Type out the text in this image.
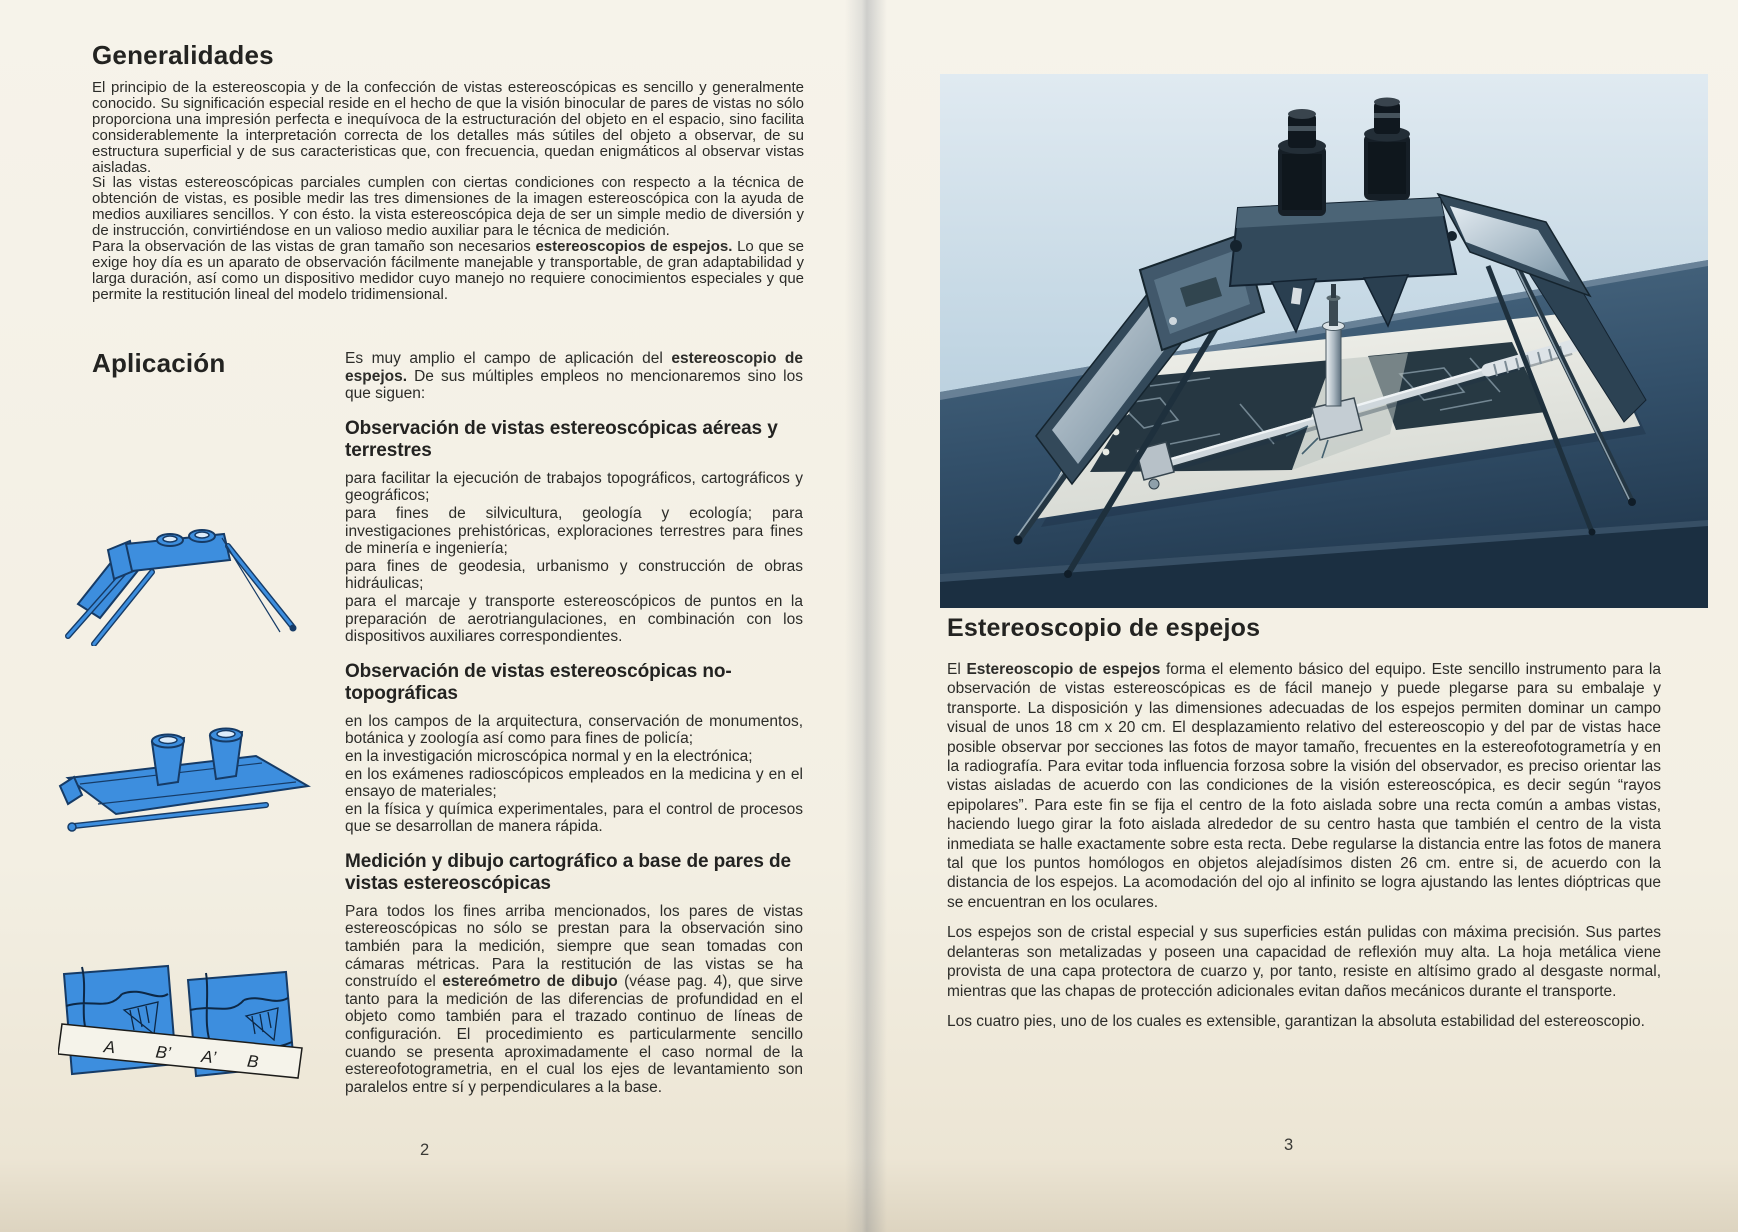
Generalidades

El principio de la estereoscopia y de la confección de vistas estereoscópicas es sencillo y generalmente conocido. Su significación especial reside en el hecho de que la visión binocular de pares de vistas no sólo proporciona una impresión perfecta e inequívoca de la estructuración del objeto en el espacio, sino facilita considerablemente la interpretación correcta de los detalles más sútiles del objeto a observar, de su estructura superficial y de sus caracteristicas que, con frecuencia, quedan enigmáticos al observar vistas aisladas.

Si las vistas estereoscópicas parciales cumplen con ciertas condiciones con respecto a la técnica de obtención de vistas, es posible medir las tres dimensiones de la imagen estereoscópica con la ayuda de medios auxiliares sencillos. Y con ésto. la vista estereoscópica deja de ser un simple medio de diversión y de instrucción, convirtiéndose en un valioso medio auxiliar para le técnica de medición.

Para la observación de las vistas de gran tamaño son necesarios estereoscopios de espejos. Lo que se exige hoy día es un aparato de observación fácilmente manejable y transportable, de gran adaptabilidad y larga duración, así como un dispositivo medidor cuyo manejo no requiere conocimientos especiales y que permite la restitución lineal del modelo tridimensional.

Aplicación	Es muy amplio el campo de aplicación del estereoscopio de espejos. De sus múltiples empleos no mencionaremos sino los que siguen:

Observación de vistas estereoscópicas aéreas y terrestres

para facilitar la ejecución de trabajos topográficos, cartográficos y geográficos;

para fines de silvicultura, geología y ecología; para investigaciones prehistóricas, exploraciones terrestres para fines de minería e ingeniería;

para fines de geodesia, urbanismo y construcción de obras hidráulicas;

para el marcaje y transporte estereoscópicos de puntos en la preparación de aerotriangulaciones, en combinación con los dispositivos auxiliares correspondientes.

Observación de vistas estereoscópicas no-topográficas

en los campos de la arquitectura, conservación de monumentos, botánica y zoología así como para fines de policía;

en la investigación microscópica normal y en la electrónica;

en los exámenes radioscópicos empleados en la medicina y en el ensayo de materiales;

en la física y química experimentales, para el control de procesos que se desarrollan de manera rápida.

Medición y dibujo cartográfico a base de pares de vistas estereoscópicas

Para todos los fines arriba mencionados, los pares de vistas estereoscópicas no sólo se prestan para la observación sino también para la medición, siempre que sean tomadas con cámaras métricas. Para la restitución de las vistas se ha construído el estereómetro de dibujo (véase pag. 4), que sirve tanto para la medición de las diferencias de profundidad en el objeto como también para el trazado continuo de líneas de configuración. El procedimiento es particularmente sencillo cuando se presenta aproximadamente el caso normal de la estereofotogrametria, en el cual los ejes de levantamiento son paralelos entre sí y perpendiculares a la base.

A B’ A’ B
2
Estereoscopio de espejos

El Estereoscopio de espejos forma el elemento básico del equipo. Este sencillo instrumento para la observación de vistas estereoscópicas es de fácil manejo y puede plegarse para su embalaje y transporte. La disposición y las dimensiones adecuadas de los espejos permiten dominar un campo visual de unos 18 cm x 20 cm. El desplazamiento relativo del estereoscopio y del par de vistas hace posible observar por secciones las fotos de mayor tamaño, frecuentes en la estereofotogrametría y en la radiografía. Para evitar toda influencia forzosa sobre la visión del observador, es preciso orientar las vistas aisladas de acuerdo con las condiciones de la visión estereoscópica, es decir según “rayos epipolares”. Para este fin se fija el centro de la foto aislada sobre una recta común a ambas vistas, haciendo luego girar la foto aislada alrededor de su centro hasta que también el centro de la vista inmediata se halle exactamente sobre esta recta. Debe regularse la distancia entre las fotos de manera tal que los puntos homólogos en objetos alejadísimos disten 26 cm. entre si, de acuerdo con la distancia de los espejos. La acomodación del ojo al infinito se logra ajustando las lentes dióptricas que se encuentran en los oculares.

Los espejos son de cristal especial y sus superficies están pulidas con máxima precisión. Sus partes delanteras son metalizadas y poseen una capacidad de reflexión muy alta. La hoja metálica viene provista de una capa protectora de cuarzo y, por tanto, resiste en altísimo grado al desgaste normal, mientras que las chapas de protección adicionales evitan daños mecánicos durante el transporte.

Los cuatro pies, uno de los cuales es extensible, garantizan la absoluta estabilidad del estereoscopio.

3
